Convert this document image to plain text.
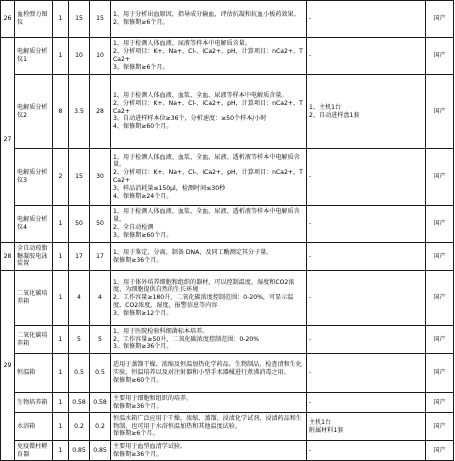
26	血栓弹力图仪	1	15	15	1、用于分析出血原因，指导成分输血，评估抗凝和抗血小板药效果。
2、保修期≥6个月。	-	国产
27	电解质分析仪1	1	10	10	1、用于检测人体血液、尿液等样本中电解质含量。
2、分析项目：K+、Na+、Cl-、iCa2+、pH，计算项目：nCa2+、TCa2+
3、保修期≥6个月。	-	国产
	电解质分析仪2	8	3.5	28	1、用于检测人体血液、血浆、全血、尿液等样本中电解质含量。
2、分析项目：K+、Na+、Cl-、iCa2+、pH，计算项目：nCa2+、TCa2+
3、自动进样样本位≥36个，分析速度：≥50个样本/小时
4、保修期≥60个月。	1、主机1台
2、自动进样盘1套	国产
	电解质分析仪3	2	15	30	1、用于检测人体血液、血浆、全血、尿液、透析液等样本中电解质含量。
2、分析项目：K+、Na+、Cl-、iCa2+、pH，计算项目：nCa2+、TCa2+
3、样品消耗量≤150μl，检测时间≤30秒
4、保修期≥24个月。	-	国产
	电解质分析仪4	1	50	50	1、用于检测人体血液、血浆、全血、尿液、透析液等样本中电解质含量。
2、全自动检测
3、保修期≥60个月。	-	国产
28	全自动琼脂糖凝胶电泳装置	1	17	17	1、用于鉴定、分离、制备 DNA，及同工酶测定其分子量。
保修期≥36个月。	-	国产
29	二氧化碳培养箱	1	4	4	1、用于体外培养细胞和组织的器材，可以控制温度、湿度和CO2浓度，为细胞提供自然的生长环境
2、工作容量≥180升，二氧化碳浓度控制范围：0-20%，可显示温度、CO2浓度、湿度，报警信息等内容
3、保修期≥12个月。	-	国产
	二氧化碳培养箱	1	5	5	1、用于医院检验科细菌标本培养。
2、工作容量≥50升，二氧化碳浓度控制范围：0-20%
3、保修期≥36个月。	-	国产
	恒温箱	1	0.5	0.5	适用于蒸馏干燥、浓缩及恒温加热化学药品、生物制品，检查清和生化实验，恒温培养以及对注射器和小型手术器械进行煮沸消毒之用。
保修期≥60个月。	-	国产
	生物培养箱	1	0.58	0.58	主要用于细胞和组织的培养。
保修期≥36个月。	-	国产
	水浴箱	1	0.2	0.2	恒温水箱广泛应用于干燥、浓缩、蒸馏、浸渍化学试剂、浸渍药品和生物制，也可用于水浴恒温加热和其他温度试验。
保修期≥6个月。	主机1台
附属材料1套	国产
	免疫微柱孵育器	1	0.85	0.85	主要用于血型血清学试验。
保修期≥36个月。	-	国产
